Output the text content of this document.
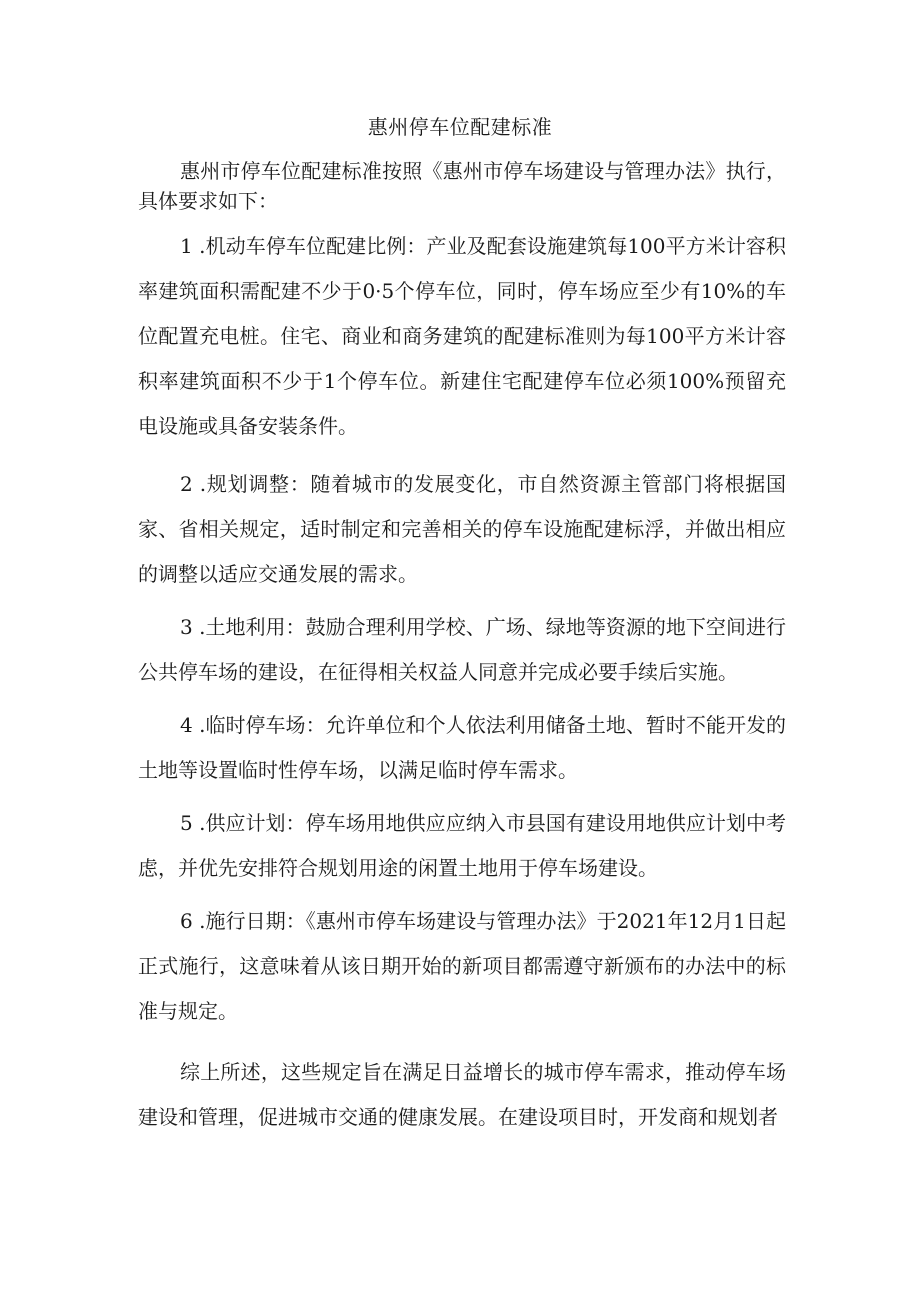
惠州停车位配建标准

惠州市停车位配建标准按照《惠州市停车场建设与管理办法》执行，具体要求如下：

1 .机动车停车位配建比例：产业及配套设施建筑每100平方米计容积率建筑面积需配建不少于0·5个停车位，同时，停车场应至少有10%的车位配置充电桩。住宅、商业和商务建筑的配建标准则为每100平方米计容积率建筑面积不少于1个停车位。新建住宅配建停车位必须100%预留充电设施或具备安装条件。

2 .规划调整：随着城市的发展变化，市自然资源主管部门将根据国家、省相关规定，适时制定和完善相关的停车设施配建标浮，并做出相应的调整以适应交通发展的需求。

3 .土地利用：鼓励合理利用学校、广场、绿地等资源的地下空间进行公共停车场的建设，在征得相关权益人同意并完成必要手续后实施。

4 .临时停车场：允许单位和个人依法利用储备土地、暂时不能开发的土地等设置临时性停车场，以满足临时停车需求。

5 .供应计划：停车场用地供应应纳入市县国有建设用地供应计划中考虑，并优先安排符合规划用途的闲置土地用于停车场建设。

6 .施行日期：《惠州市停车场建设与管理办法》于2021年12月1日起正式施行，这意味着从该日期开始的新项目都需遵守新颁布的办法中的标准与规定。

综上所述，这些规定旨在满足日益增长的城市停车需求，推动停车场建设和管理，促进城市交通的健康发展。在建设项目时，开发商和规划者
